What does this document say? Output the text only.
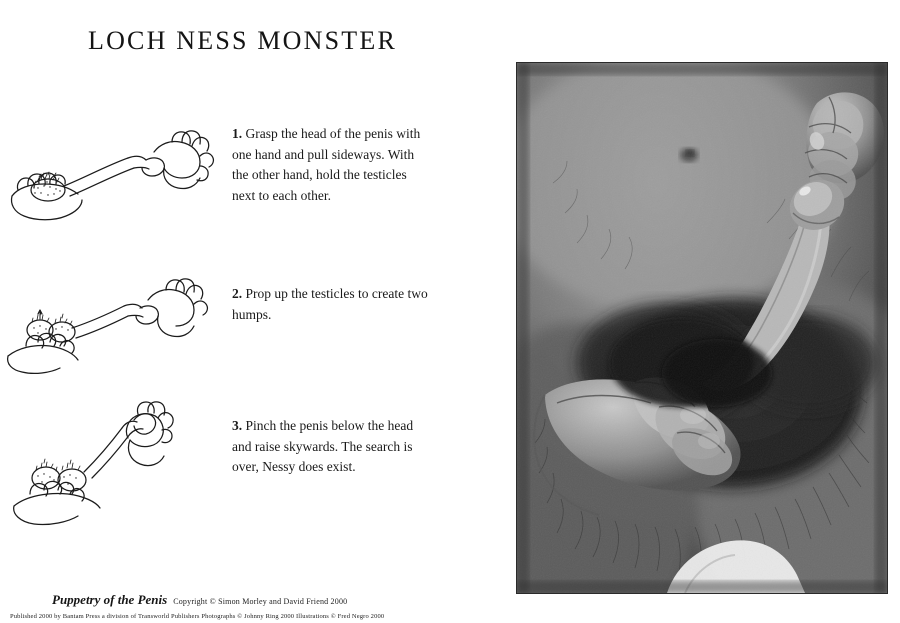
LOCH NESS MONSTER
1. Grasp the head of the penis with one hand and pull sideways. With the other hand, hold the testicles next to each other.
2. Prop up the testicles to create two humps.
3. Pinch the penis below the head and raise skywards. The search is over, Nessy does exist.
Puppetry of the Penis Copyright © Simon Morley and David Friend 2000
Published 2000 by Bantam Press a division of Transworld Publishers Photographs © Johnny Ring 2000 Illustrations © Fred Negro 2000
